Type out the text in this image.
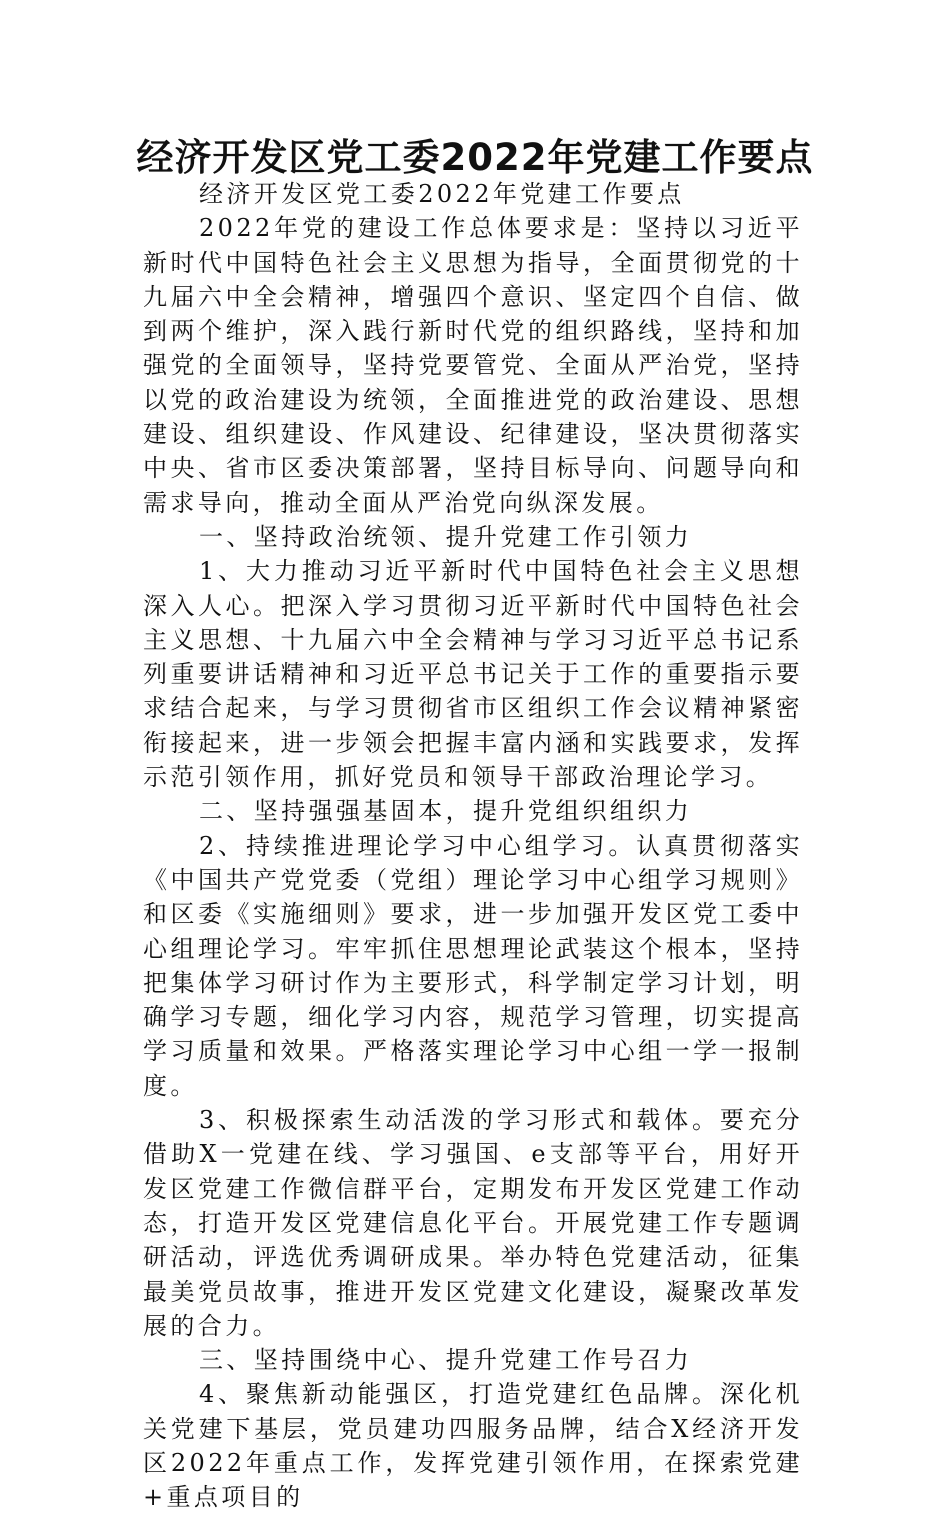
经济开发区党工委2022年党建工作要点

经济开发区党工委2022年党建工作要点

2022年党的建设工作总体要求是：坚持以习近平新时代中国特色社会主义思想为指导，全面贯彻党的十九届六中全会精神，增强四个意识、坚定四个自信、做到两个维护，深入践行新时代党的组织路线，坚持和加强党的全面领导，坚持党要管党、全面从严治党，坚持以党的政治建设为统领，全面推进党的政治建设、思想建设、组织建设、作风建设、纪律建设，坚决贯彻落实中央、省市区委决策部署，坚持目标导向、问题导向和需求导向，推动全面从严治党向纵深发展。

一、坚持政治统领、提升党建工作引领力

1、大力推动习近平新时代中国特色社会主义思想深入人心。把深入学习贯彻习近平新时代中国特色社会主义思想、十九届六中全会精神与学习习近平总书记系列重要讲话精神和习近平总书记关于工作的重要指示要求结合起来，与学习贯彻省市区组织工作会议精神紧密衔接起来，进一步领会把握丰富内涵和实践要求，发挥示范引领作用，抓好党员和领导干部政治理论学习。

二、坚持强强基固本，提升党组织组织力

2、持续推进理论学习中心组学习。认真贯彻落实《中国共产党党委（党组）理论学习中心组学习规则》和区委《实施细则》要求，进一步加强开发区党工委中心组理论学习。牢牢抓住思想理论武装这个根本，坚持把集体学习研讨作为主要形式，科学制定学习计划，明确学习专题，细化学习内容，规范学习管理，切实提高学习质量和效果。严格落实理论学习中心组一学一报制度。

3、积极探索生动活泼的学习形式和载体。要充分借助X一党建在线、学习强国、e支部等平台，用好开发区党建工作微信群平台，定期发布开发区党建工作动态，打造开发区党建信息化平台。开展党建工作专题调研活动，评选优秀调研成果。举办特色党建活动，征集最美党员故事，推进开发区党建文化建设，凝聚改革发展的合力。

三、坚持围绕中心、提升党建工作号召力

4、聚焦新动能强区，打造党建红色品牌。深化机关党建下基层，党员建功四服务品牌，结合X经济开发区2022年重点工作，发挥党建引领作用，在探索党建+重点项目的
